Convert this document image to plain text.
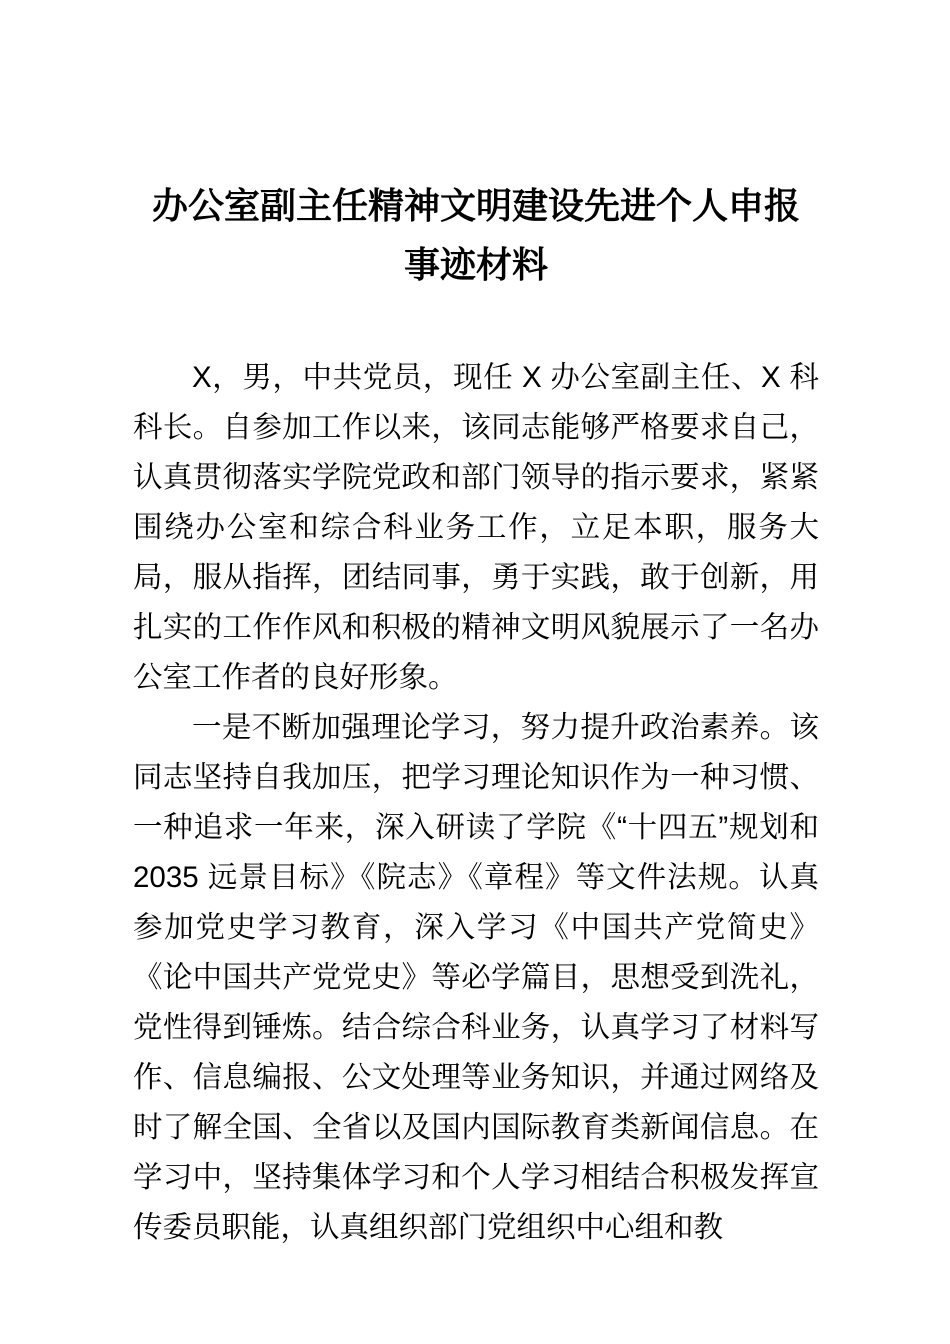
办公室副主任精神文明建设先进个人申报
事迹材料

X，男，中共党员，现任 X 办公室副主任、X 科科长。自参加工作以来，该同志能够严格要求自己，认真贯彻落实学院党政和部门领导的指示要求，紧紧围绕办公室和综合科业务工作，立足本职，服务大局，服从指挥，团结同事，勇于实践，敢于创新，用扎实的工作作风和积极的精神文明风貌展示了一名办公室工作者的良好形象。

一是不断加强理论学习，努力提升政治素养。该同志坚持自我加压，把学习理论知识作为一种习惯、一种追求一年来，深入研读了学院《“十四五”规划和 2035 远景目标》《院志》《章程》等文件法规。认真参加党史学习教育，深入学习《中国共产党简史》《论中国共产党党史》等必学篇目，思想受到洗礼，党性得到锤炼。结合综合科业务，认真学习了材料写作、信息编报、公文处理等业务知识，并通过网络及时了解全国、全省以及国内国际教育类新闻信息。在学习中，坚持集体学习和个人学习相结合积极发挥宣传委员职能，认真组织部门党组织中心组和教
